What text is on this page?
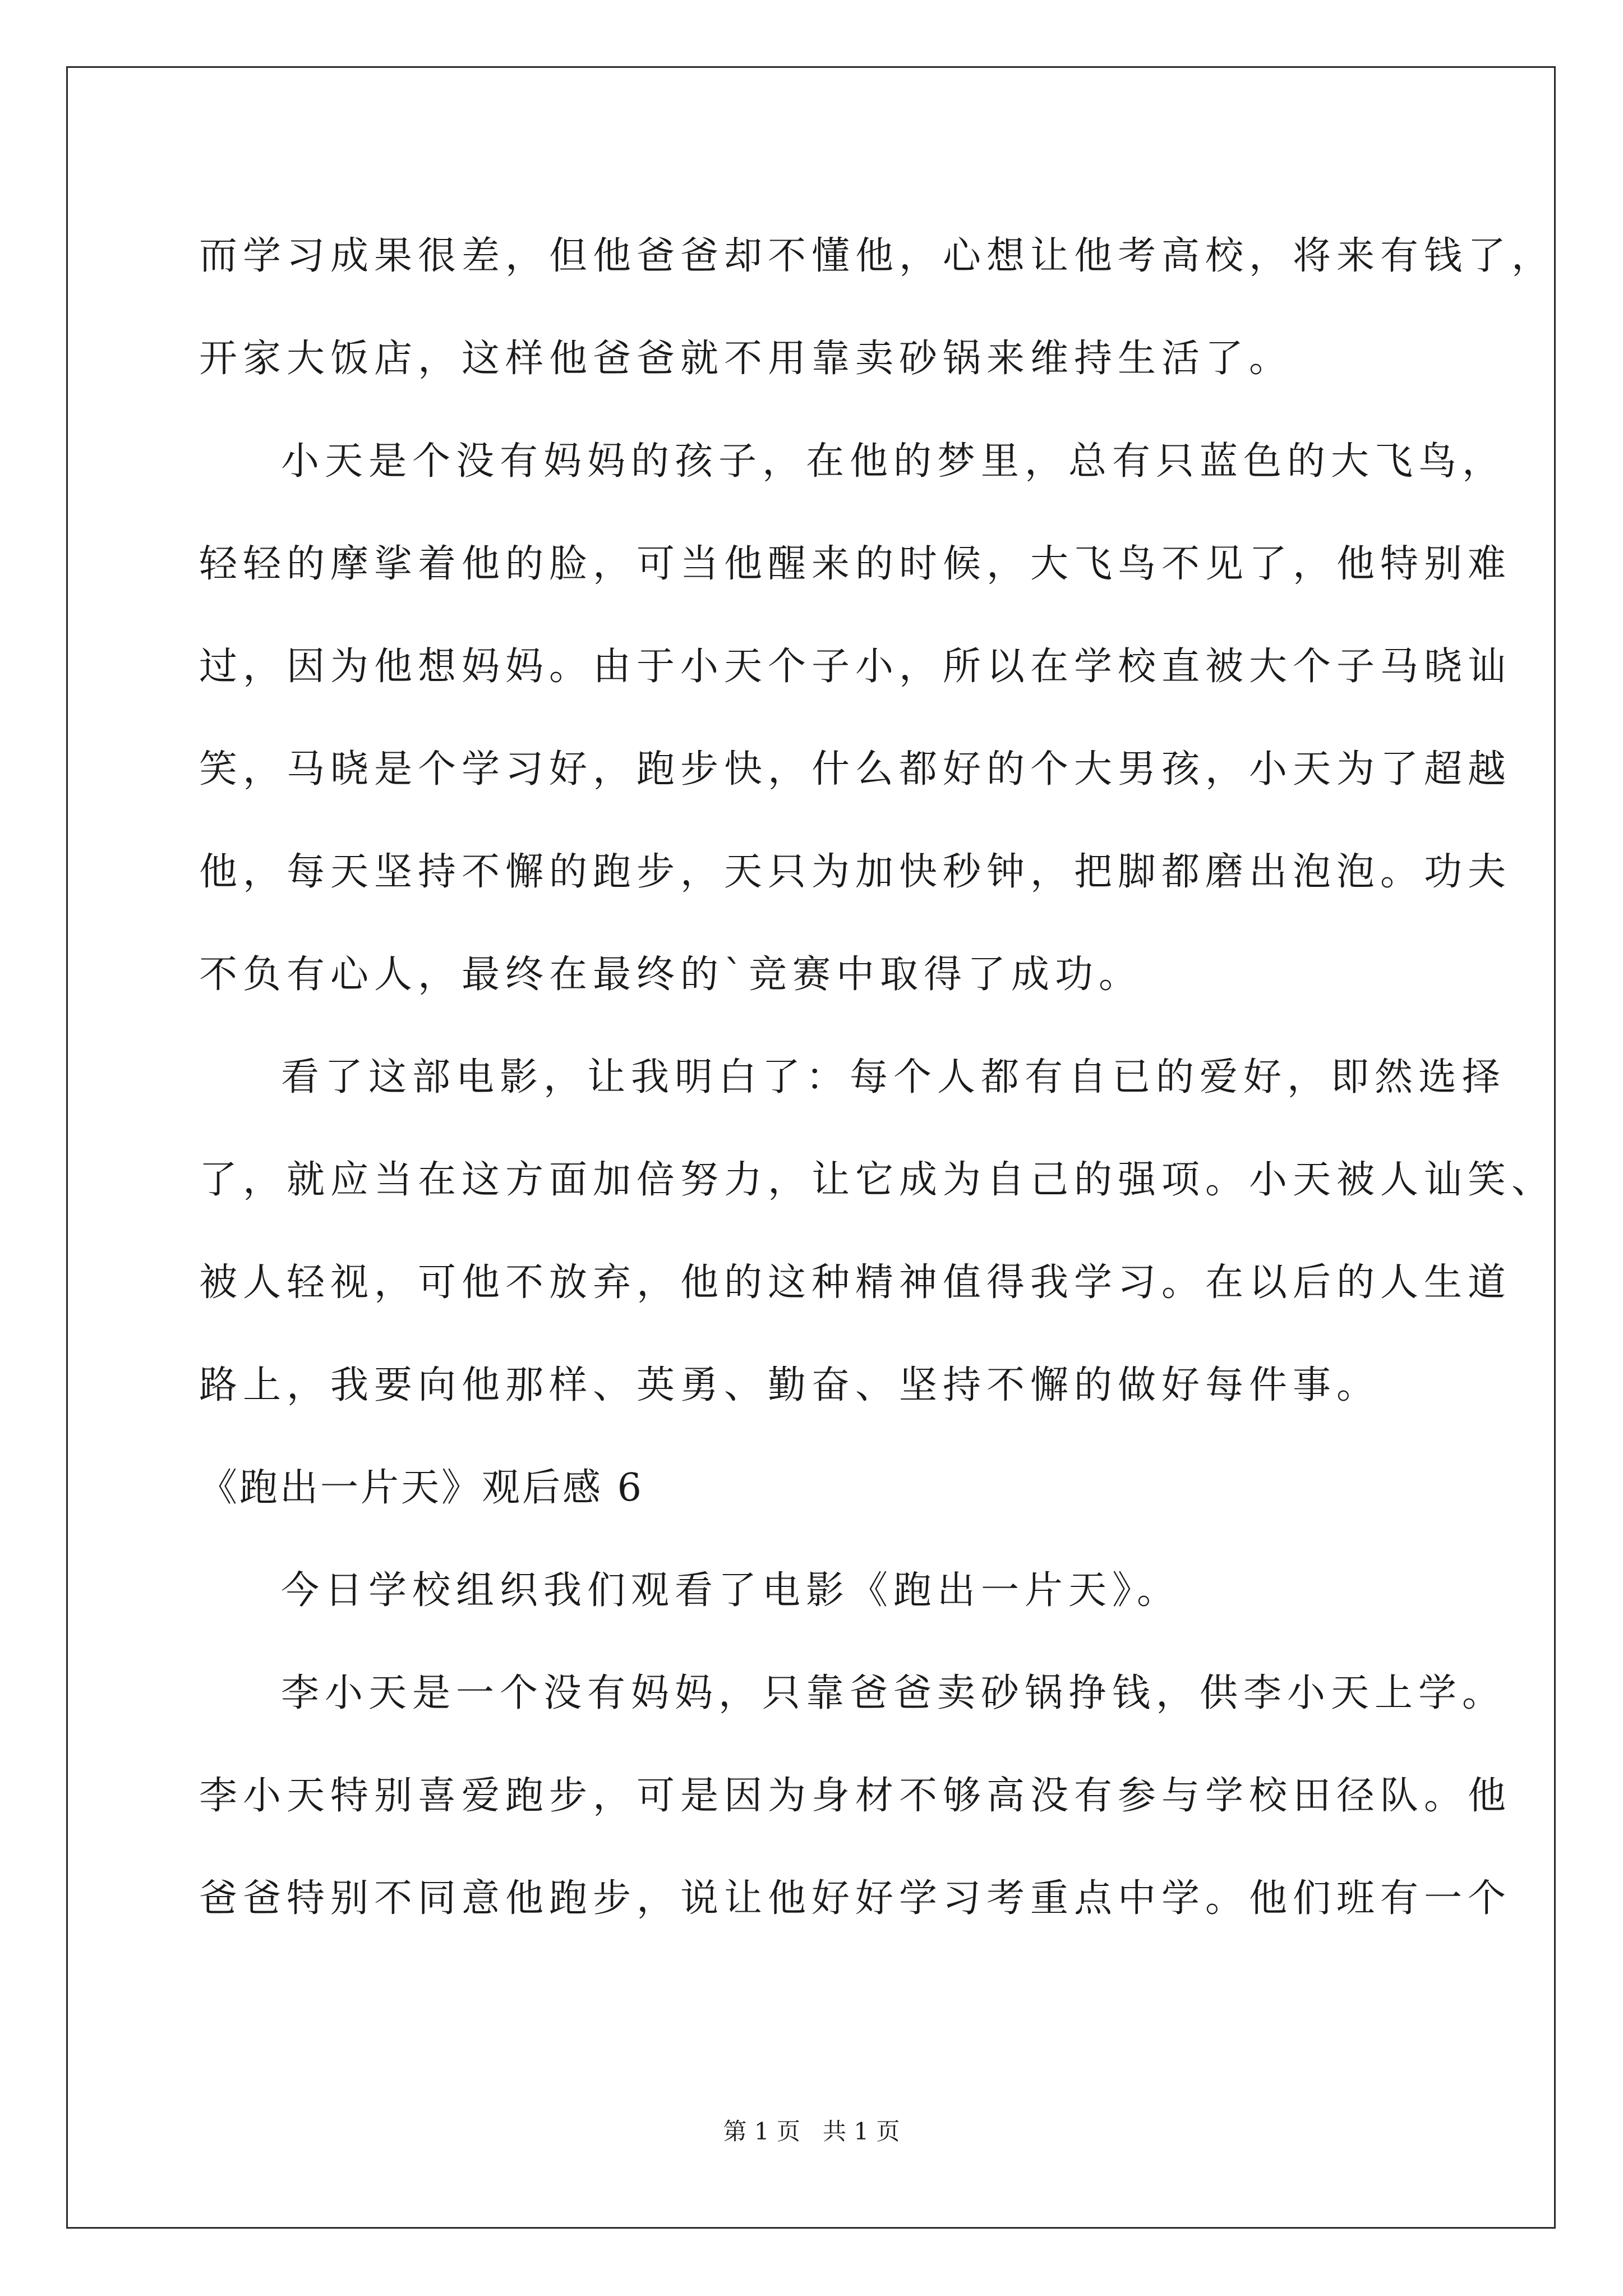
而学习成果很差，但他爸爸却不懂他，心想让他考高校，将来有钱了，
开家大饭店，这样他爸爸就不用靠卖砂锅来维持生活了。
小天是个没有妈妈的孩子，在他的梦里，总有只蓝色的大飞鸟，
轻轻的摩挲着他的脸，可当他醒来的时候，大飞鸟不见了，他特别难
过，因为他想妈妈。由于小天个子小，所以在学校直被大个子马晓讪
笑，马晓是个学习好，跑步快，什么都好的个大男孩，小天为了超越
他，每天坚持不懈的跑步，天只为加快秒钟，把脚都磨出泡泡。功夫
不负有心人，最终在最终的`竞赛中取得了成功。
看了这部电影，让我明白了：每个人都有自已的爱好，即然选择
了，就应当在这方面加倍努力，让它成为自己的强项。小天被人讪笑、
被人轻视，可他不放弃，他的这种精神值得我学习。在以后的人生道
路上，我要向他那样、英勇、勤奋、坚持不懈的做好每件事。
《跑出一片天》观后感 6
今日学校组织我们观看了电影《跑出一片天》。
李小天是一个没有妈妈，只靠爸爸卖砂锅挣钱，供李小天上学。
李小天特别喜爱跑步，可是因为身材不够高没有参与学校田径队。他
爸爸特别不同意他跑步，说让他好好学习考重点中学。他们班有一个
第 1 页   共 1 页
